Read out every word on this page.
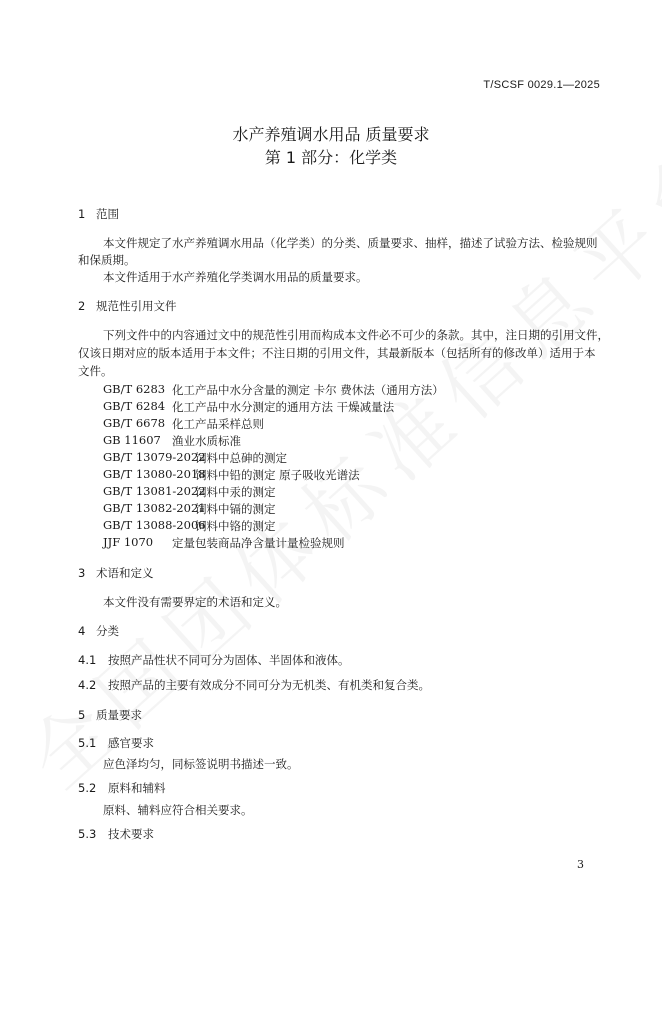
T/SCSF 0029.1—2025
水产养殖调水用品 质量要求
第 1 部分：化学类
1 范围
本文件规定了水产养殖调水用品（化学类）的分类、质量要求、抽样，描述了试验方法、检验规则
和保质期。
本文件适用于水产养殖化学类调水用品的质量要求。
2 规范性引用文件
下列文件中的内容通过文中的规范性引用而构成本文件必不可少的条款。其中，注日期的引用文件，
仅该日期对应的版本适用于本文件；不注日期的引用文件，其最新版本（包括所有的修改单）适用于本
文件。
GB/T 6283 化工产品中水分含量的测定 卡尔 费休法（通用方法）
GB/T 6284 化工产品中水分测定的通用方法 干燥减量法
GB/T 6678 化工产品采样总则
GB 11607 渔业水质标准
GB/T 13079-2022
饲料中总砷的测定
GB/T 13080-2018
饲料中铅的测定 原子吸收光谱法
GB/T 13081-2022
饲料中汞的测定
GB/T 13082-2021
饲料中镉的测定
GB/T 13088-2006
饲料中铬的测定
JJF 1070 定量包装商品净含量计量检验规则
3 术语和定义
本文件没有需要界定的术语和定义。
4 分类
4.1 按照产品性状不同可分为固体、半固体和液体。
4.2 按照产品的主要有效成分不同可分为无机类、有机类和复合类。
5 质量要求
5.1 感官要求
应色泽均匀，同标签说明书描述一致。
5.2 原料和辅料
原料、辅料应符合相关要求。
5.3 技术要求
3
